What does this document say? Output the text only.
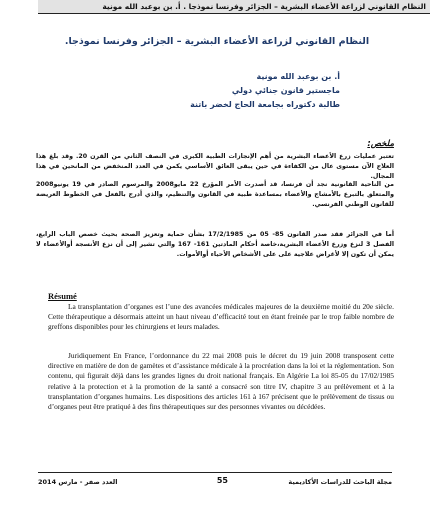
النظام القانوني لزراعة الأعضاء البشرية – الجزائر وفرنسا نموذجا . أ. بن بوعبد الله مونية
النظام القانوني لزراعة الأعضاء البشرية – الجزائر وفرنسا نموذجا.
أ. بن بوعبد الله مونية
ماجستير قانون جنائي دولي
طالبة دكتوراه بجامعة الحاج لخضر باتنة
ملخص:
تعتبر عمليات زرع الأعضاء البشرية من أهم الإنجازات الطبية الكبرى في النصف الثاني من القرن 20. وقد بلغ هذا العلاج الآن مستوى عال من الكفاءة في حين يبقى العائق الأساسي يكمن في العدد المنخفض من المانحين في هذا المجال.
من الناحية القانونية نجد أن فرنسا، قد أصدرت الأمر المؤرخ 22 مايو2008 والمرسوم الصادر في 19 يونيو2008 والمتعلق بالتبرع بالأمشاج والأعضاء بمساعدة طبية في القانون والتنظيم، والذي أدرج بالفعل في الخطوط العريضة للقانون الوطني الفرنسي.
أما في الجزائر فقد صدر القانون 85- 05 من 17/2/1985 بشأن حماية وتعزيز الصحة بحيث خصص الباب الرابع، الفصل 3 لنزع وزرع الأعضاء البشرية،خاصة أحكام المادتين 161- 167 والتي تشير إلى أن نزع الأنسجة أوالأعضاء لا يمكن أن تكون إلا لأغراض علاجية على على الأشخاص الأحياء أوالأموات.
Résumé
La transplantation d’organes est l’une des avancées médicales majeures de la deuxième moitié du 20e siècle. Cette thérapeutique a désormais atteint un haut niveau d’efficacité tout en étant freinée par le trop faible nombre de greffons disponibles pour les chirurgiens et leurs malades.
Juridiquement En France, l’ordonnance du 22 mai 2008 puis le décret du 19 juin 2008 transposent cette directive en matière de don de gamètes et d’assistance médicale à la procréation dans la loi et la réglementation. Son contenu, qui figurait déjà dans les grandes lignes du droit national français. En Algérie La loi 85-05 du 17/02/1985 relative à la protection et à la promotion de la santé a consacré son titre IV, chapitre 3 au prélèvement et à la transplantation d’organes humains. Les dispositions des articles 161 à 167 précisent que le prélèvement de tissus ou d’organes peut être pratiqué à des fins thérapeutiques sur des personnes vivantes ou décédées.
مجلة الباحث للدراسات الأكاديمية
55
العدد صفر - مارس 2014
